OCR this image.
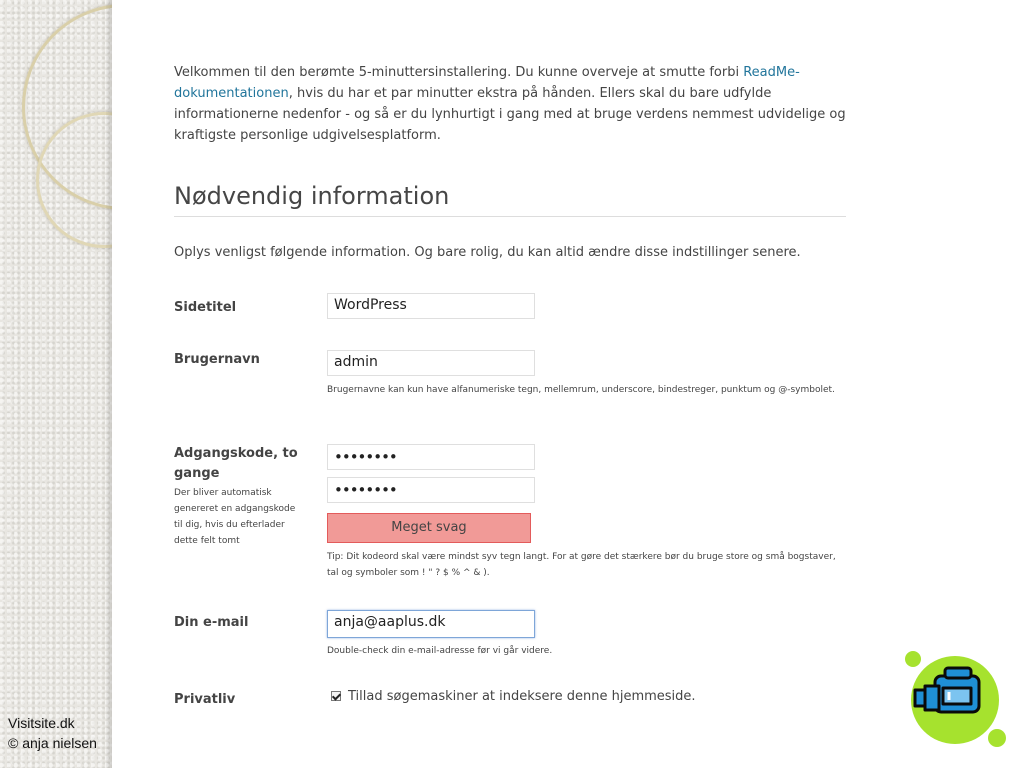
Visitsite.dk
© anja nielsen

Velkommen til den berømte 5-minuttersinstallering. Du kunne overveje at smutte forbi ReadMe-dokumentationen, hvis du har et par minutter ekstra på hånden. Ellers skal du bare udfylde informationerne nedenfor - og så er du lynhurtigt i gang med at bruge verdens nemmest udvidelige og kraftigste personlige udgivelsesplatform.

Nødvendig information

Oplys venligst følgende information. Og bare rolig, du kan altid ændre disse indstillinger senere.

Sidetitel	WordPress
Brugernavn	admin
Brugernavne kan kun have alfanumeriske tegn, mellemrum, underscore, bindestreger, punktum og @-symbolet.
Adgangskode, to gange
Der bliver automatisk genereret en adgangskode til dig, hvis du efterlader dette felt tomt
••••••••
••••••••
Meget svag
Tip: Dit kodeord skal være mindst syv tegn langt. For at gøre det stærkere bør du bruge store og små bogstaver, tal og symboler som ! " ? $ % ^ & ).
Din e-mail	anja@aaplus.dk
Double-check din e-mail-adresse før vi går videre.
Privatliv	Tillad søgemaskiner at indeksere denne hjemmeside.
